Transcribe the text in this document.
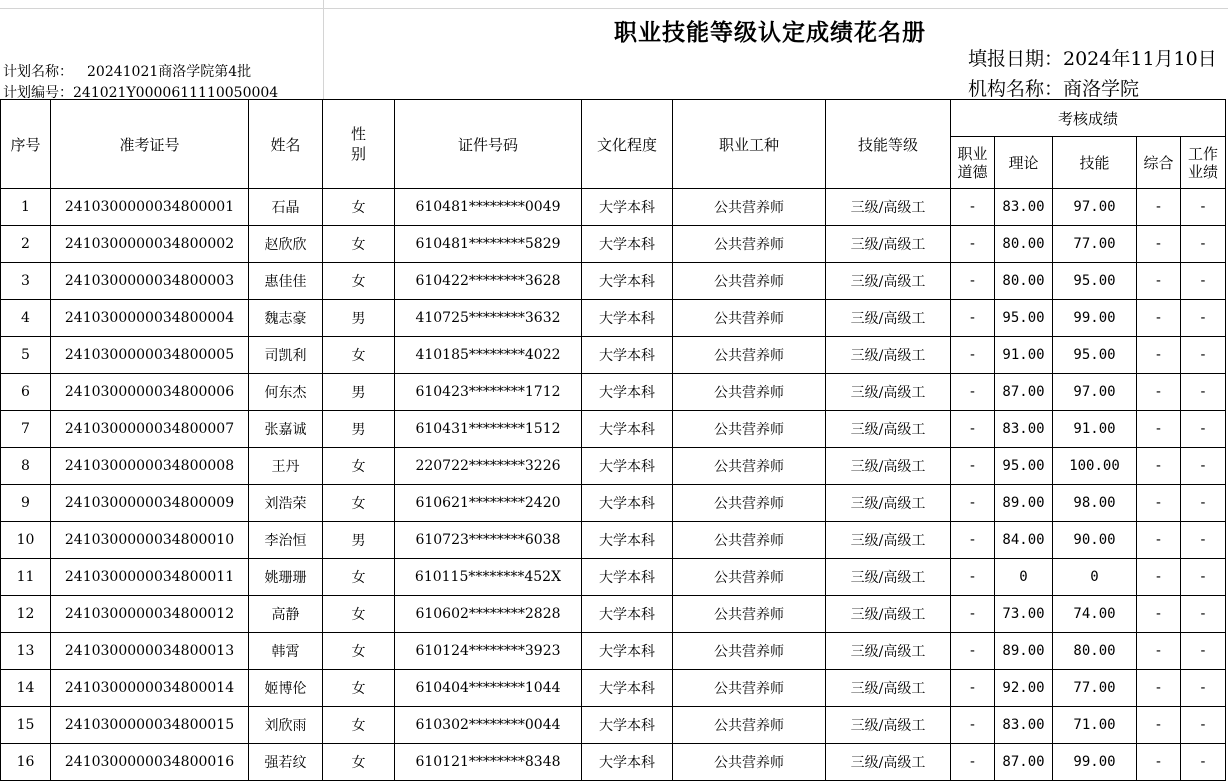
职业技能等级认定成绩花名册
计划名称： 20241021商洛学院第4批
计划编号：241021Y0000611110050004
填报日期：2024年11月10日
机构名称：商洛学院
序号	准考证号	姓名	性别	证件号码	文化程度	职业工种	技能等级	考核成绩				

								职业道德	理论	技能	综合	工作业绩

1	2410300000034800001	石晶	女	610481********0049	大学本科	公共营养师	三级/高级工	-	83.00	97.00	-	-
2	2410300000034800002	赵欣欣	女	610481********5829	大学本科	公共营养师	三级/高级工	-	80.00	77.00	-	-
3	2410300000034800003	惠佳佳	女	610422********3628	大学本科	公共营养师	三级/高级工	-	80.00	95.00	-	-
4	2410300000034800004	魏志豪	男	410725********3632	大学本科	公共营养师	三级/高级工	-	95.00	99.00	-	-
5	2410300000034800005	司凯利	女	410185********4022	大学本科	公共营养师	三级/高级工	-	91.00	95.00	-	-
6	2410300000034800006	何东杰	男	610423********1712	大学本科	公共营养师	三级/高级工	-	87.00	97.00	-	-
7	2410300000034800007	张嘉诚	男	610431********1512	大学本科	公共营养师	三级/高级工	-	83.00	91.00	-	-
8	2410300000034800008	王丹	女	220722********3226	大学本科	公共营养师	三级/高级工	-	95.00	100.00	-	-
9	2410300000034800009	刘浩荣	女	610621********2420	大学本科	公共营养师	三级/高级工	-	89.00	98.00	-	-
10	2410300000034800010	李治恒	男	610723********6038	大学本科	公共营养师	三级/高级工	-	84.00	90.00	-	-
11	2410300000034800011	姚珊珊	女	610115********452X	大学本科	公共营养师	三级/高级工	-	0	0	-	-
12	2410300000034800012	高静	女	610602********2828	大学本科	公共营养师	三级/高级工	-	73.00	74.00	-	-
13	2410300000034800013	韩霄	女	610124********3923	大学本科	公共营养师	三级/高级工	-	89.00	80.00	-	-
14	2410300000034800014	姬博伦	女	610404********1044	大学本科	公共营养师	三级/高级工	-	92.00	77.00	-	-
15	2410300000034800015	刘欣雨	女	610302********0044	大学本科	公共营养师	三级/高级工	-	83.00	71.00	-	-
16	2410300000034800016	强若纹	女	610121********8348	大学本科	公共营养师	三级/高级工	-	87.00	99.00	-	-
